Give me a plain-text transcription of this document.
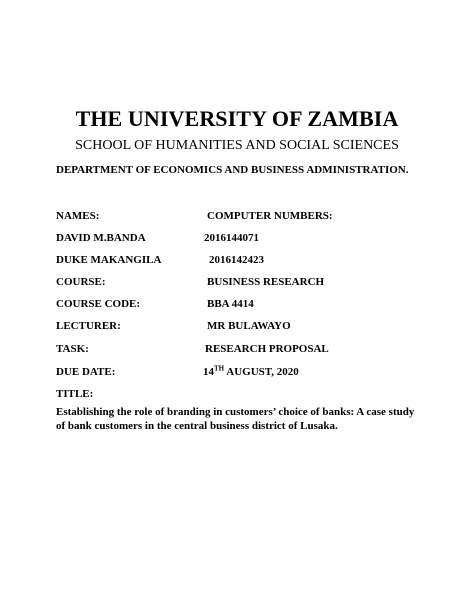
THE UNIVERSITY OF ZAMBIA
SCHOOL OF HUMANITIES AND SOCIAL SCIENCES
DEPARTMENT OF ECONOMICS AND BUSINESS ADMINISTRATION.
NAMES:	COMPUTER NUMBERS:
DAVID M.BANDA	2016144071
DUKE MAKANGILA	2016142423
COURSE:	BUSINESS RESEARCH
COURSE CODE:	BBA 4414
LECTURER:	MR BULAWAYO
TASK:	RESEARCH PROPOSAL
DUE DATE:	14TH AUGUST, 2020
TITLE:
Establishing the role of branding in customers’ choice of banks: A case study of bank customers in the central business district of Lusaka.
